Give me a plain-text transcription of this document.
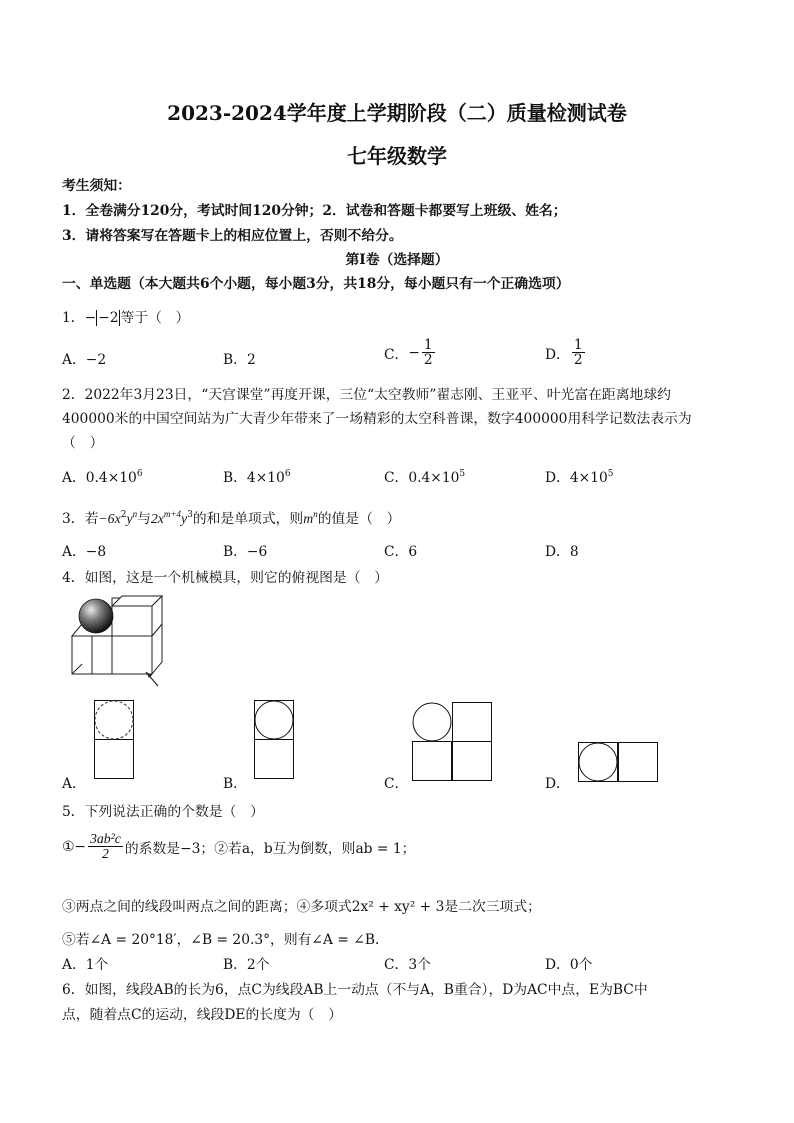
2023-2024学年度上学期阶段（二）质量检测试卷
七年级数学
考生须知：
1．全卷满分120分，考试时间120分钟；2．试卷和答题卡都要写上班级、姓名；
3．请将答案写在答题卡上的相应位置上，否则不给分。
第Ⅰ卷（选择题）
一、单选题（本大题共6个小题，每小题3分，共18分，每小题只有一个正确选项）
1．− −2 等于（　）
A．−2	B．2	C．− $\frac{1}{2}$	D． $\frac{1}{2}$
2．2022年3月23日，“天宫课堂”再度开课，三位“太空教师”翟志刚、王亚平、叶光富在距离地球约
400000米的中国空间站为广大青少年带来了一场精彩的太空科普课，数字400000用科学记数法表示为
（　）
A．$0.4\times 10^6$	B．$4\times 10^6$	C．$0.4\times 10^5$	D．$4\times 10^5$
3．若$-6x^2y^n$与$2x^{m+4}y^3$的和是单项式，则$m^n$的值是（　）
A．−8	B．−6	C．6	D．8
4．如图，这是一个机械模具，则它的俯视图是（　）
A．	B．	C．	D．
5．下列说法正确的个数是（　）
①− $\frac{\text{3ab²c}}{2}$ 的系数是−3；②若a，b互为倒数，则ab = 1；
③两点之间的线段叫两点之间的距离；④多项式2x² + xy² + 3是二次三项式；
⑤若∠A = 20°18′，∠B = 20.3°，则有∠A = ∠B．
A．1个	B．2个	C．3个	D．0个
6．如图，线段AB的长为6，点C为线段AB上一动点（不与A，B重合），D为AC中点，E为BC中
点，随着点C的运动，线段DE的长度为（　）
